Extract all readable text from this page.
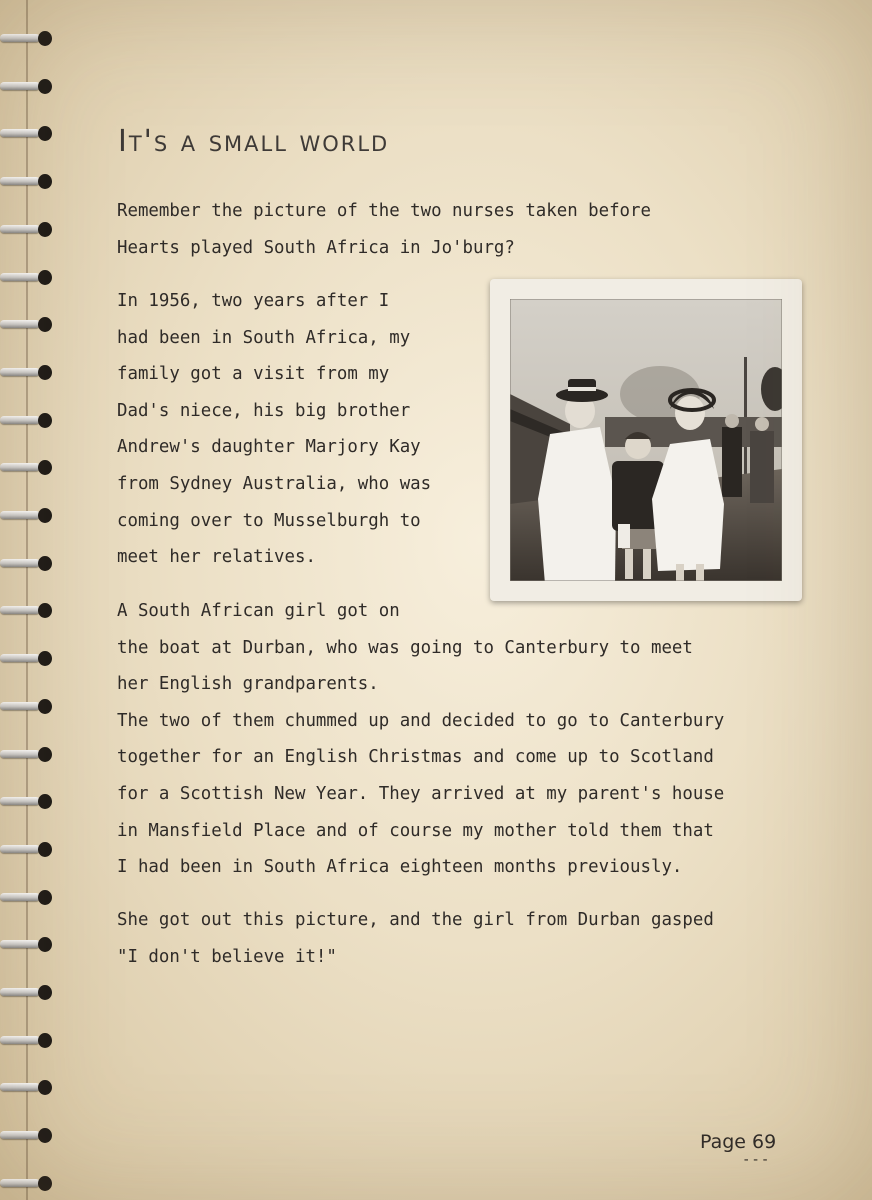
It's a small world

Remember the picture of the two nurses taken before
Hearts played South Africa in Jo'burg?

In 1956, two years after I
had been in South Africa, my
family got a visit from my
Dad's niece, his big brother
Andrew's daughter Marjory Kay
from Sydney Australia, who was
coming over to Musselburgh to
meet her relatives.

A South African girl got on
the boat at Durban, who was going to Canterbury to meet
her English grandparents.
The two of them chummed up and decided to go to Canterbury
together for an English Christmas and come up to Scotland
for a Scottish New Year. They arrived at my parent's house
in Mansfield Place and of course my mother told them that
I had been in South Africa eighteen months previously.

She got out this picture, and the girl from Durban gasped
"I don't believe it!"

Page 69

---
